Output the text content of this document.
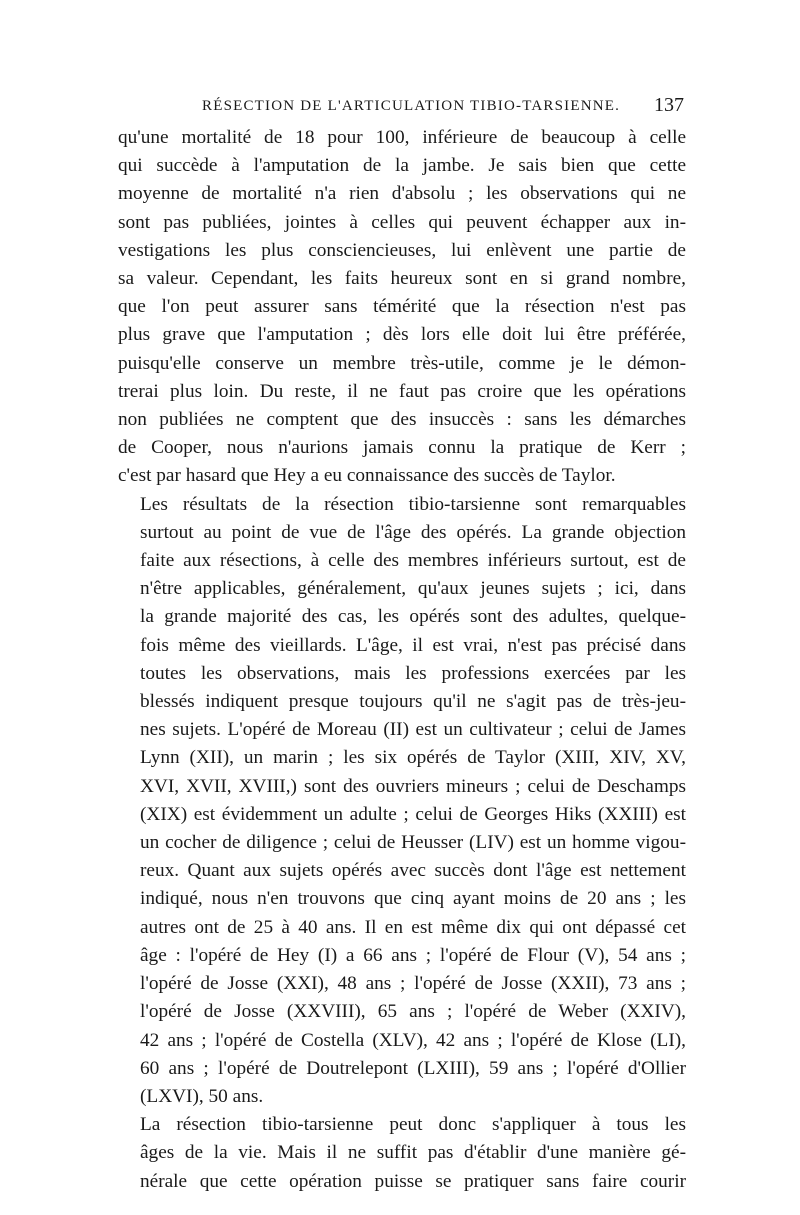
RÉSECTION DE L'ARTICULATION TIBIO-TARSIENNE. 137

qu'une mortalité de 18 pour 100, inférieure de beaucoup à celle
qui succède à l'amputation de la jambe. Je sais bien que cette
moyenne de mortalité n'a rien d'absolu ; les observations qui ne
sont pas publiées, jointes à celles qui peuvent échapper aux in-
vestigations les plus consciencieuses, lui enlèvent une partie de
sa valeur. Cependant, les faits heureux sont en si grand nombre,
que l'on peut assurer sans témérité que la résection n'est pas
plus grave que l'amputation ; dès lors elle doit lui être préférée,
puisqu'elle conserve un membre très-utile, comme je le démon-
trerai plus loin. Du reste, il ne faut pas croire que les opérations
non publiées ne comptent que des insuccès : sans les démarches
de Cooper, nous n'aurions jamais connu la pratique de Kerr ;
c'est par hasard que Hey a eu connaissance des succès de Taylor.

Les résultats de la résection tibio-tarsienne sont remarquables
surtout au point de vue de l'âge des opérés. La grande objection
faite aux résections, à celle des membres inférieurs surtout, est de
n'être applicables, généralement, qu'aux jeunes sujets ; ici, dans
la grande majorité des cas, les opérés sont des adultes, quelque-
fois même des vieillards. L'âge, il est vrai, n'est pas précisé dans
toutes les observations, mais les professions exercées par les
blessés indiquent presque toujours qu'il ne s'agit pas de très-jeu-
nes sujets. L'opéré de Moreau (II) est un cultivateur ; celui de James
Lynn (XII), un marin ; les six opérés de Taylor (XIII, XIV, XV,
XVI, XVII, XVIII,) sont des ouvriers mineurs ; celui de Deschamps
(XIX) est évidemment un adulte ; celui de Georges Hiks (XXIII) est
un cocher de diligence ; celui de Heusser (LIV) est un homme vigou-
reux. Quant aux sujets opérés avec succès dont l'âge est nettement
indiqué, nous n'en trouvons que cinq ayant moins de 20 ans ; les
autres ont de 25 à 40 ans. Il en est même dix qui ont dépassé cet
âge : l'opéré de Hey (I) a 66 ans ; l'opéré de Flour (V), 54 ans ;
l'opéré de Josse (XXI), 48 ans ; l'opéré de Josse (XXII), 73 ans ;
l'opéré de Josse (XXVIII), 65 ans ; l'opéré de Weber (XXIV),
42 ans ; l'opéré de Costella (XLV), 42 ans ; l'opéré de Klose (LI),
60 ans ; l'opéré de Doutrelepont (LXIII), 59 ans ; l'opéré d'Ollier
(LXVI), 50 ans.

La résection tibio-tarsienne peut donc s'appliquer à tous les
âges de la vie. Mais il ne suffit pas d'établir d'une manière gé-
nérale que cette opération puisse se pratiquer sans faire courir
